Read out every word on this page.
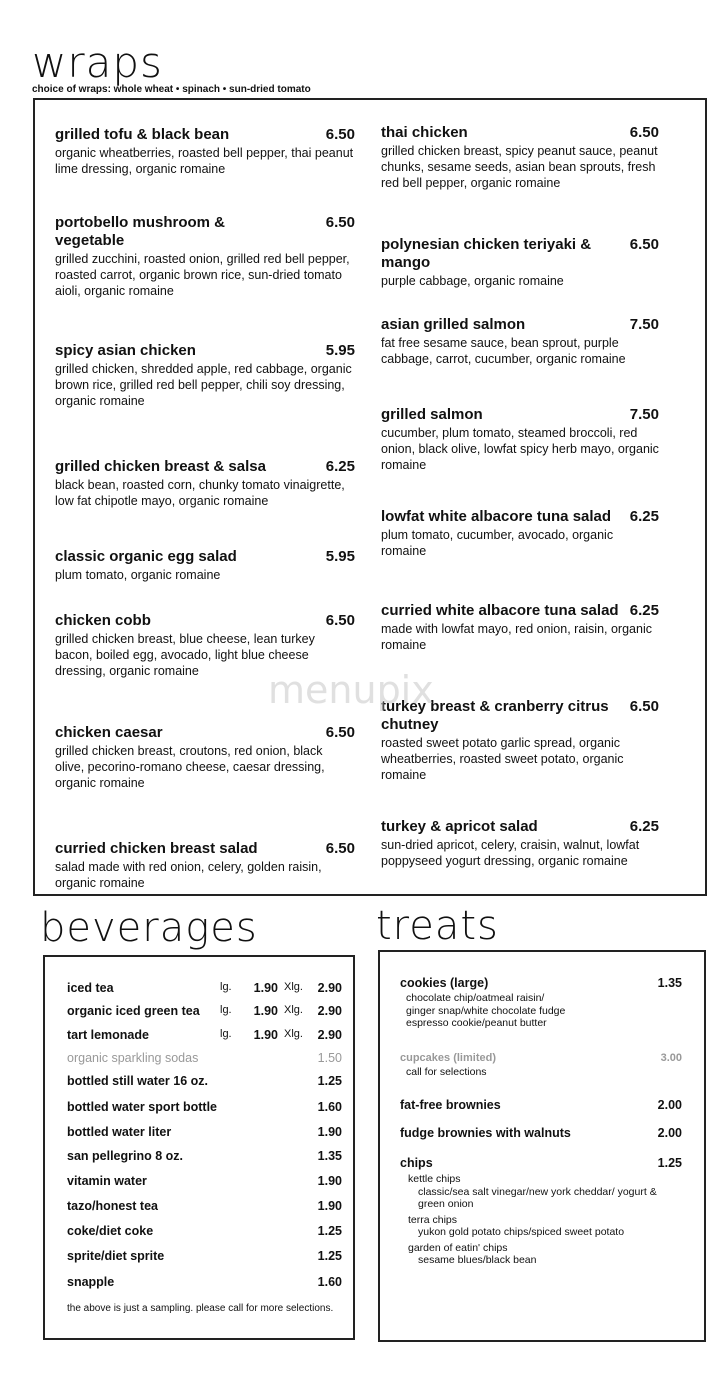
wraps
choice of wraps: whole wheat • spinach • sun-dried tomato
grilled tofu & black bean	6.50
organic wheatberries, roasted bell pepper, thai peanut lime dressing, organic romaine
portobello mushroom & vegetable
6.50
grilled zucchini, roasted onion, grilled red bell pepper, roasted carrot, organic brown rice, sun-dried tomato aioli, organic romaine
spicy asian chicken	5.95
grilled chicken, shredded apple, red cabbage, organic brown rice, grilled red bell pepper, chili soy dressing, organic romaine
grilled chicken breast & salsa	6.25
black bean, roasted corn, chunky tomato vinaigrette, low fat chipotle mayo, organic romaine
classic organic egg salad	5.95
plum tomato, organic romaine
chicken cobb	6.50
grilled chicken breast, blue cheese, lean turkey bacon, boiled egg, avocado, light blue cheese dressing, organic romaine
chicken caesar	6.50
grilled chicken breast, croutons, red onion, black olive, pecorino-romano cheese, caesar dressing, organic romaine
curried chicken breast salad	6.50
salad made with red onion, celery, golden raisin, organic romaine
thai chicken	6.50
grilled chicken breast, spicy peanut sauce, peanut chunks, sesame seeds, asian bean sprouts, fresh red bell pepper, organic romaine
polynesian chicken teriyaki & mango
6.50
purple cabbage, organic romaine
asian grilled salmon	7.50
fat free sesame sauce, bean sprout, purple cabbage, carrot, cucumber, organic romaine
grilled salmon	7.50
cucumber, plum tomato, steamed broccoli, red onion, black olive, lowfat spicy herb mayo, organic romaine
lowfat white albacore tuna salad 6.25
plum tomato, cucumber, avocado, organic romaine
curried white albacore tuna salad 6.25
made with lowfat mayo, red onion, raisin, organic romaine
turkey breast & cranberry citrus chutney
6.50
roasted sweet potato garlic spread, organic wheatberries, roasted sweet potato, organic romaine
turkey & apricot salad	6.25
sun-dried apricot, celery, craisin, walnut, lowfat poppyseed yogurt dressing, organic romaine
menupix
beverages	treats
iced tea	lg.	1.90 Xlg.	2.90
organic iced green tea	lg.	1.90 Xlg.	2.90
tart lemonade	lg.	1.90 Xlg.	2.90
organic sparkling sodas	1.50
bottled still water 16 oz.	1.25
bottled water sport bottle	1.60
bottled water liter	1.90
san pellegrino 8 oz.	1.35
vitamin water	1.90
tazo/honest tea	1.90
coke/diet coke	1.25
sprite/diet sprite	1.25
snapple	1.60
the above is just a sampling. please call for more selections.
cookies (large)	1.35
chocolate chip/oatmeal raisin/
ginger snap/white chocolate fudge
espresso cookie/peanut butter
cupcakes (limited)	3.00
call for selections
fat-free brownies	2.00
fudge brownies with walnuts	2.00
chips	1.25
kettle chips
classic/sea salt vinegar/new york cheddar/ yogurt & green onion
terra chips
yukon gold potato chips/spiced sweet potato
garden of eatin' chips
sesame blues/black bean
